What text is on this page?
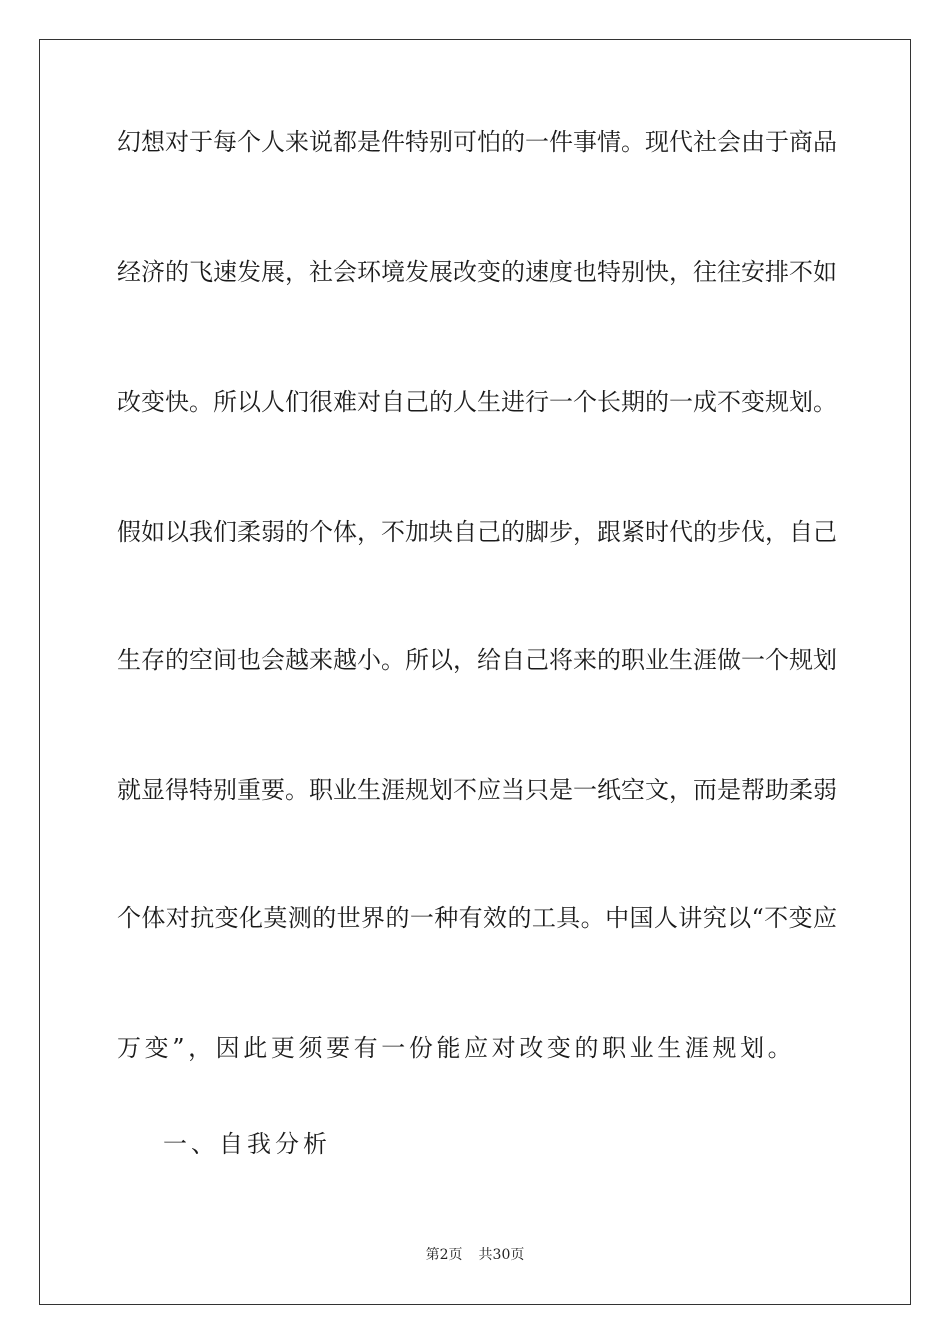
幻想对于每个人来说都是件特别可怕的一件事情。现代社会由于商品
经济的飞速发展，社会环境发展改变的速度也特别快，往往安排不如
改变快。所以人们很难对自己的人生进行一个长期的一成不变规划。
假如以我们柔弱的个体，不加块自己的脚步，跟紧时代的步伐，自己
生存的空间也会越来越小。所以，给自己将来的职业生涯做一个规划
就显得特别重要。职业生涯规划不应当只是一纸空文，而是帮助柔弱
个体对抗变化莫测的世界的一种有效的工具。中国人讲究以“不变应
万变”，因此更须要有一份能应对改变的职业生涯规划。
一、自我分析
第2页 共30页
